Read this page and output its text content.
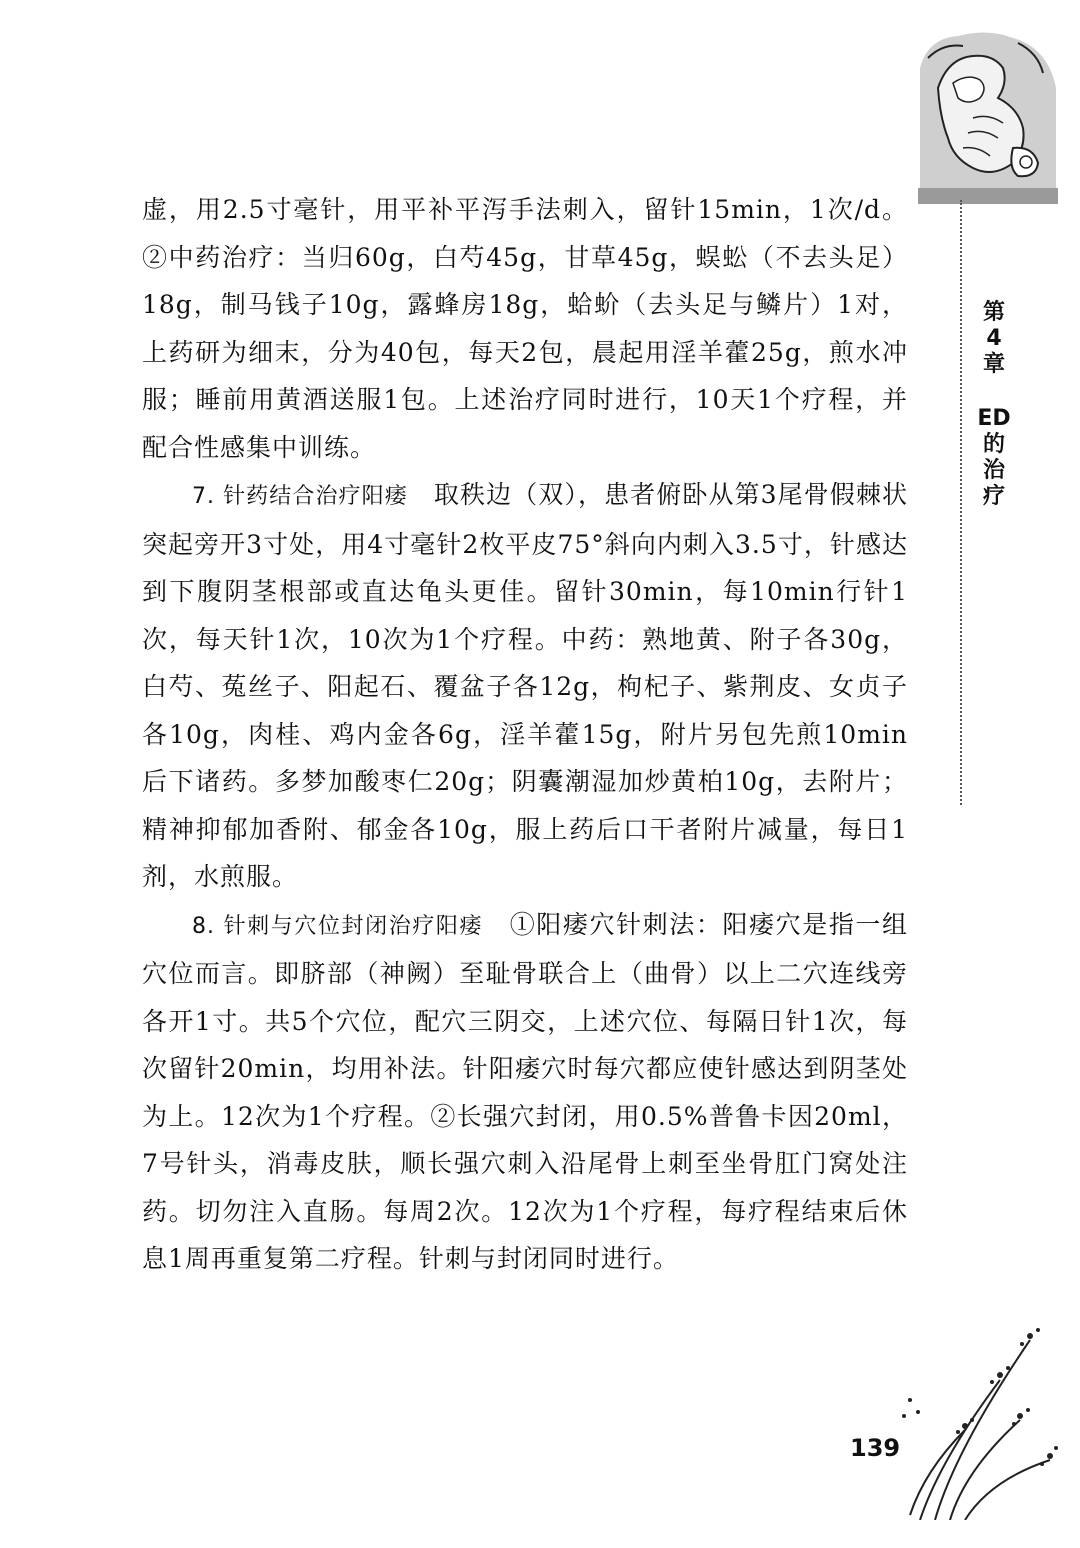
第
4
章
ED
的
治
疗

虚，用2.5寸毫针，用平补平泻手法刺入，留针15min，1次/d。②中药治疗：当归60g，白芍45g，甘草45g，蜈蚣（不去头足）18g，制马钱子10g，露蜂房18g，蛤蚧（去头足与鳞片）1对，上药研为细末，分为40包，每天2包，晨起用淫羊藿25g，煎水冲服；睡前用黄酒送服1包。上述治疗同时进行，10天1个疗程，并配合性感集中训练。

7. 针药结合治疗阳痿　取秩边（双），患者俯卧从第3尾骨假棘状突起旁开3寸处，用4寸毫针2枚平皮75°斜向内刺入3.5寸，针感达到下腹阴茎根部或直达龟头更佳。留针30min，每10min行针1次，每天针1次，10次为1个疗程。中药：熟地黄、附子各30g，白芍、菟丝子、阳起石、覆盆子各12g，枸杞子、紫荆皮、女贞子各10g，肉桂、鸡内金各6g，淫羊藿15g，附片另包先煎10min后下诸药。多梦加酸枣仁20g；阴囊潮湿加炒黄柏10g，去附片；精神抑郁加香附、郁金各10g，服上药后口干者附片减量，每日1剂，水煎服。

8. 针刺与穴位封闭治疗阳痿　①阳痿穴针刺法：阳痿穴是指一组穴位而言。即脐部（神阙）至耻骨联合上（曲骨）以上二穴连线旁各开1寸。共5个穴位，配穴三阴交，上述穴位、每隔日针1次，每次留针20min，均用补法。针阳痿穴时每穴都应使针感达到阴茎处为上。12次为1个疗程。②长强穴封闭，用0.5%普鲁卡因20ml，7号针头，消毒皮肤，顺长强穴刺入沿尾骨上刺至坐骨肛门窝处注药。切勿注入直肠。每周2次。12次为1个疗程，每疗程结束后休息1周再重复第二疗程。针刺与封闭同时进行。

139
